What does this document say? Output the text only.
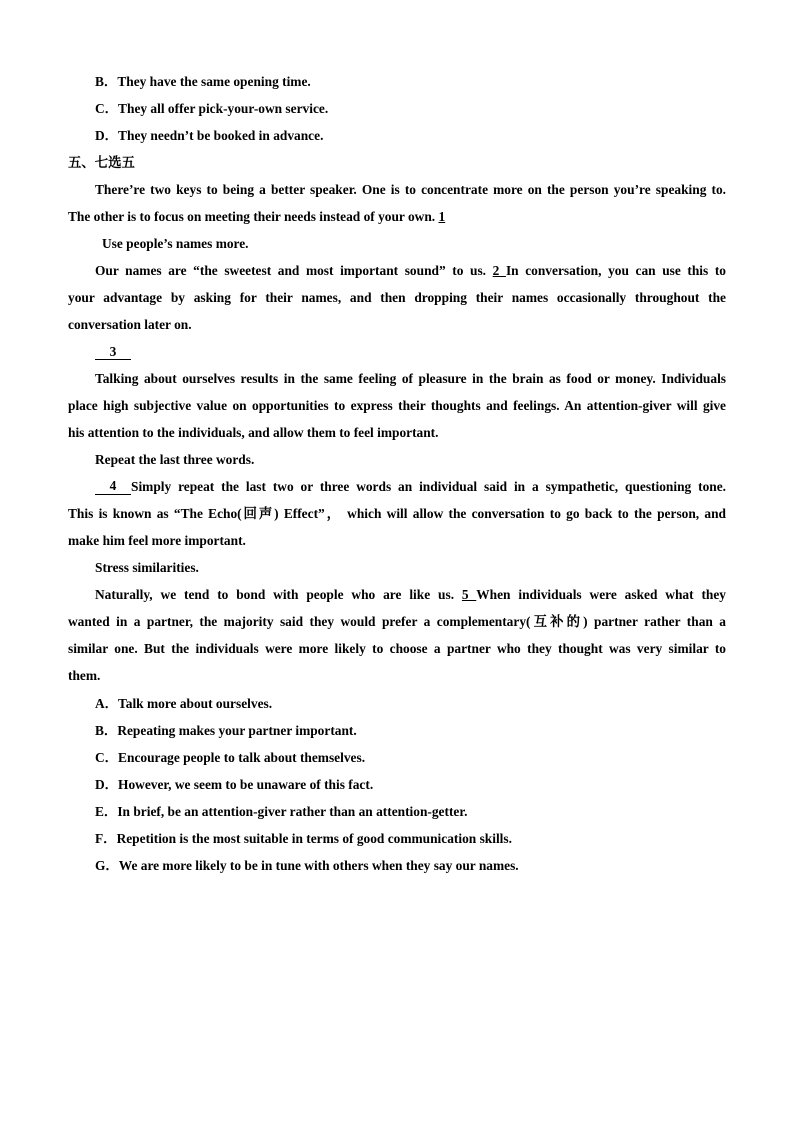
B．They have the same opening time.
C．They all offer pick-your-own service.
D．They needn’t be booked in advance.
五、七选五
There’re two keys to being a better speaker. One is to concentrate more on the person you’re speaking to.
The other is to focus on meeting their needs instead of your own. 1
Use people’s names more.
Our names are “the sweetest and most important sound” to us. 2 In conversation, you can use this to
your advantage by asking for their names, and then dropping their names occasionally throughout the
conversation later on.
3
Talking about ourselves results in the same feeling of pleasure in the brain as food or money. Individuals
place high subjective value on opportunities to express their thoughts and feelings. An attention-giver will give
his attention to the individuals, and allow them to feel important.
Repeat the last three words.
4	Simply repeat the last two or three words an individual said in a sympathetic, questioning tone.
This is known as “The Echo(回声) Effect”， which will allow the conversation to go back to the person, and
make him feel more important.
Stress similarities.
Naturally, we tend to bond with people who are like us. 5 When individuals were asked what they
wanted in a partner, the majority said they would prefer a complementary(互补的) partner rather than a
similar one. But the individuals were more likely to choose a partner who they thought was very similar to
them.
A．Talk more about ourselves.
B．Repeating makes your partner important.
C．Encourage people to talk about themselves.
D．However, we seem to be unaware of this fact.
E．In brief, be an attention-giver rather than an attention-getter.
F．Repetition is the most suitable in terms of good communication skills.
G．We are more likely to be in tune with others when they say our names.
